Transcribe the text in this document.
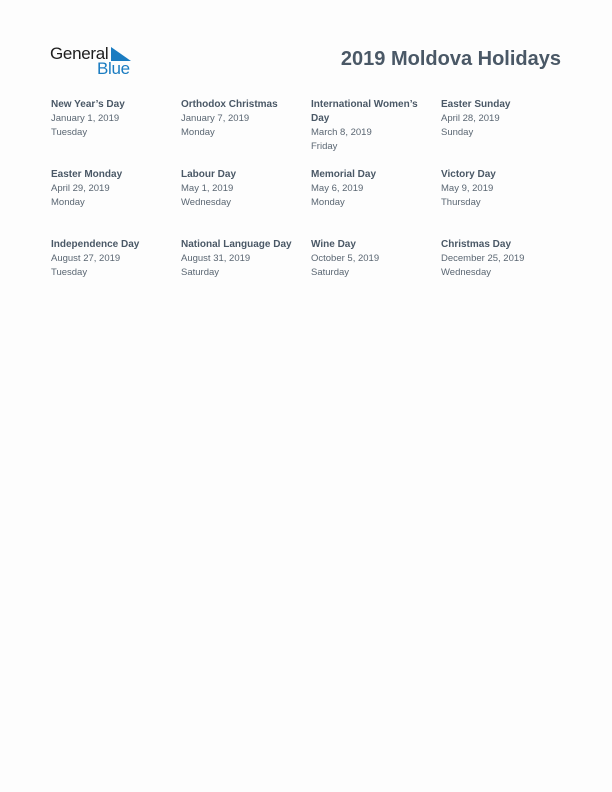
General
Blue	2019 Moldova Holidays
New Year’s Day
January 1, 2019
Tuesday
Orthodox Christmas
January 7, 2019
Monday
International Women’s Day
March 8, 2019
Friday
Easter Sunday
April 28, 2019
Sunday
Easter Monday
April 29, 2019
Monday
Labour Day
May 1, 2019
Wednesday
Memorial Day
May 6, 2019
Monday
Victory Day
May 9, 2019
Thursday
Independence Day
August 27, 2019
Tuesday
National Language Day
August 31, 2019
Saturday
Wine Day
October 5, 2019
Saturday
Christmas Day
December 25, 2019
Wednesday
